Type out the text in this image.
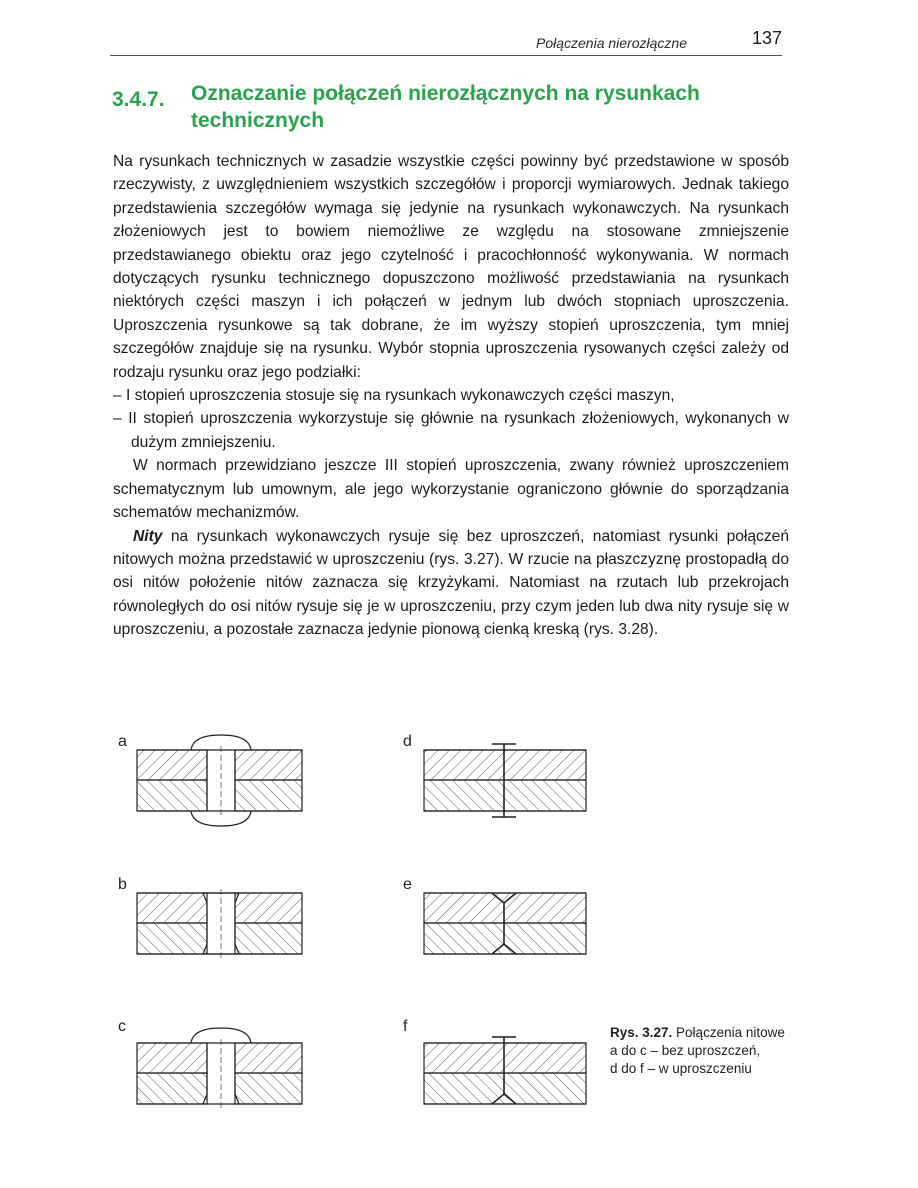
Połączenia nierozłączne	137
3.4.7. Oznaczanie połączeń nierozłącznych na rysunkach technicznych

Na rysunkach technicznych w zasadzie wszystkie części powinny być przedstawione w sposób rzeczywisty, z uwzględnieniem wszystkich szczegółów i proporcji wymiarowych. Jednak takiego przedstawienia szczegółów wymaga się jedynie na rysunkach wykonawczych. Na rysunkach złożeniowych jest to bowiem niemożliwe ze względu na stosowane zmniejszenie przedstawianego obiektu oraz jego czytelność i pracochłonność wykonywania. W normach dotyczących rysunku technicznego dopuszczono możliwość przedstawiania na rysunkach niektórych części maszyn i ich połączeń w jednym lub dwóch stopniach uproszczenia. Uproszczenia rysunkowe są tak dobrane, że im wyższy stopień uproszczenia, tym mniej szczegółów znajduje się na rysunku. Wybór stopnia uproszczenia rysowanych części zależy od rodzaju rysunku oraz jego podziałki:

– I stopień uproszczenia stosuje się na rysunkach wykonawczych części maszyn,

– II stopień uproszczenia wykorzystuje się głównie na rysunkach złożeniowych, wykonanych w dużym zmniejszeniu.

W normach przewidziano jeszcze III stopień uproszczenia, zwany również uproszczeniem schematycznym lub umownym, ale jego wykorzystanie ograniczono głównie do sporządzania schematów mechanizmów.

Nity na rysunkach wykonawczych rysuje się bez uproszczeń, natomiast rysunki połączeń nitowych można przedstawić w uproszczeniu (rys. 3.27). W rzucie na płaszczyznę prostopadłą do osi nitów położenie nitów zaznacza się krzyżykami. Natomiast na rzutach lub przekrojach równoległych do osi nitów rysuje się je w uproszczeniu, przy czym jeden lub dwa nity rysuje się w uproszczeniu, a pozostałe zaznacza jedynie pionową cienką kreską (rys. 3.28).

a
b
c
d
e
f	Rys. 3.27. Połączenia nitowe
a do c – bez uproszczeń,
d do f – w uproszczeniu
